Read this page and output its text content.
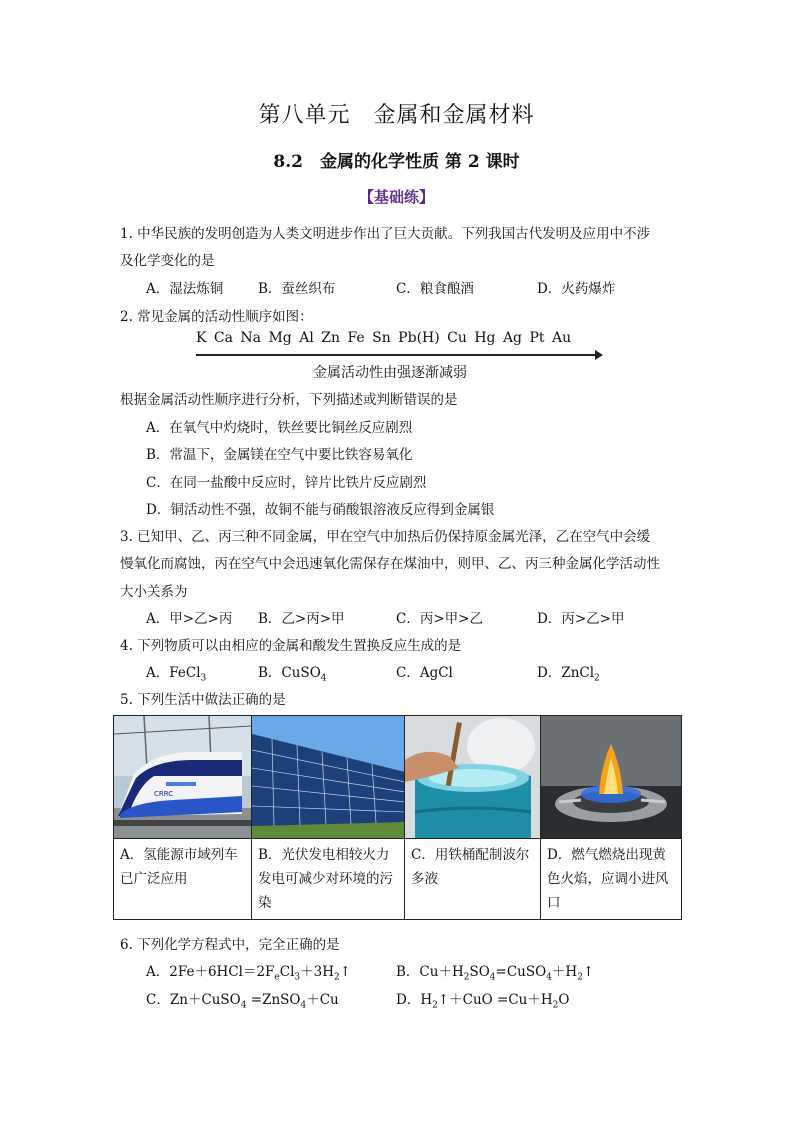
第八单元　金属和金属材料
8.2　金属的化学性质 第 2 课时
【基础练】
1. 中华民族的发明创造为人类文明进步作出了巨大贡献。下列我国古代发明及应用中不涉
及化学变化的是
A．湿法炼铜	B．蚕丝织布	C．粮食酿酒	D．火药爆炸
2. 常见金属的活动性顺序如图：
K Ca Na Mg Al Zn Fe Sn Pb(H) Cu Hg Ag Pt Au
金属活动性由强逐渐减弱
根据金属活动性顺序进行分析，下列描述或判断错误的是
A．在氧气中灼烧时，铁丝要比铜丝反应剧烈
B．常温下，金属镁在空气中要比铁容易氧化
C．在同一盐酸中反应时，锌片比铁片反应剧烈
D．铜活动性不强，故铜不能与硝酸银溶液反应得到金属银
3. 已知甲、乙、丙三种不同金属，甲在空气中加热后仍保持原金属光泽，乙在空气中会缓
慢氧化而腐蚀，丙在空气中会迅速氧化需保存在煤油中，则甲、乙、丙三种金属化学活动性
大小关系为
A．甲>乙>丙 B．乙>丙>甲	C．丙>甲>乙	D．丙>乙>甲
4. 下列物质可以由相应的金属和酸发生置换反应生成的是
A．FeCl$_3$	B．CuSO$_4$	C．AgCl	D．ZnCl$_2$
5. 下列生活中做法正确的是
CRRC

A．氢能源市域列车已广泛应用	B．光伏发电相较火力发电可减少对环境的污染	C．用铁桶配制波尔多液	D．燃气燃烧出现黄色火焰，应调小进风口
6. 下列化学方程式中，完全正确的是
A．$2Fe+6HCl=2F_eCl_3+3H_2↑$	B．$Cu+H_2SO_4=CuSO_4+H_2↑$
C．Zn＋CuSO$_4$ =ZnSO$_4$＋Cu	D．$H_2↑+CuO =Cu+H_2O$
